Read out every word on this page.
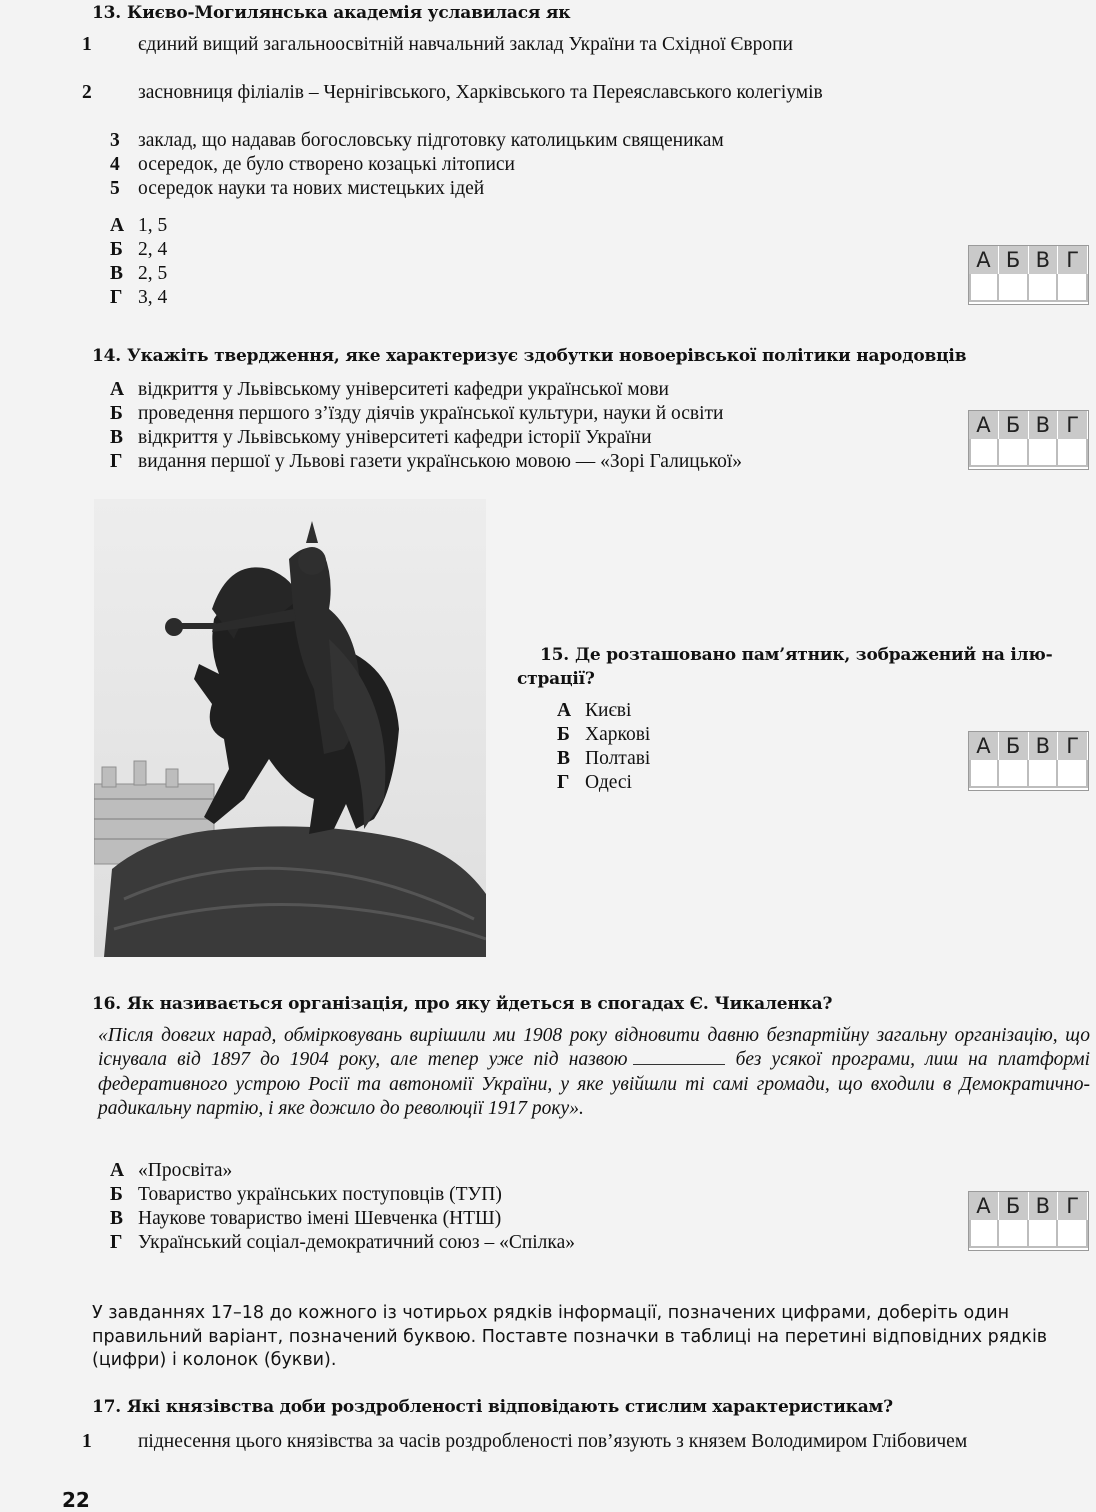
13. Києво-Могилянська академія уславилася як
1 єдиний вищий загальноосвітній навчальний заклад України та Східної Європи
2 засновниця філіалів – Чернігівського, Харківського та Переяславського колегіумів
3 заклад, що надавав богословську підготовку католицьким священикам
4 осередок, де було створено козацькі літописи
5 осередок науки та нових мистецьких ідей
А 1, 5
Б 2, 4
В 2, 5
Г 3, 4
А Б В Г
14. Укажіть твердження, яке характеризує здобутки новоерівської політики народовців
А відкриття у Львівському університеті кафедри української мови
Б проведення першого з’їзду діячів української культури, науки й освіти
В відкриття у Львівському університеті кафедри історії України
Г видання першої у Львові газети українською мовою — «Зорі Галицької»
А Б В Г
15. Де розташовано пам’ятник, зображений на ілю-
страції?
А Києві
Б Харкові
В Полтаві
Г Одесі
А Б В Г
16. Як називається організація, про яку йдеться в спогадах Є. Чикаленка?
«Після довгих нарад, обмірковувань вирішили ми 1908 року відновити давню безпартійну загальну організацію, що існувала від 1897 до 1904 року, але тепер уже під назвою	без усякої програми, лиш на платформі федеративного устрою Росії та автономії України, у яке увійшли ті самі громади, що входили в Демократично-радикальну партію, і яке дожило до революції 1917 року».
А «Просвіта»
Б Товариство українських поступовців (ТУП)
В Наукове товариство імені Шевченка (НТШ)
Г Український соціал-демократичний союз – «Спілка»
А Б В Г
У завданнях 17–18 до кожного із чотирьох рядків інформації, позначених цифрами, доберіть один правильний варіант, позначений буквою. Поставте позначки в таблиці на перетині відповідних рядків (цифри) і колонок (букви).
17. Які князівства доби роздробленості відповідають стислим характеристикам?
1 піднесення цього князівства за часів роздробленості пов’язують з князем Володимиром Глібовичем
22
